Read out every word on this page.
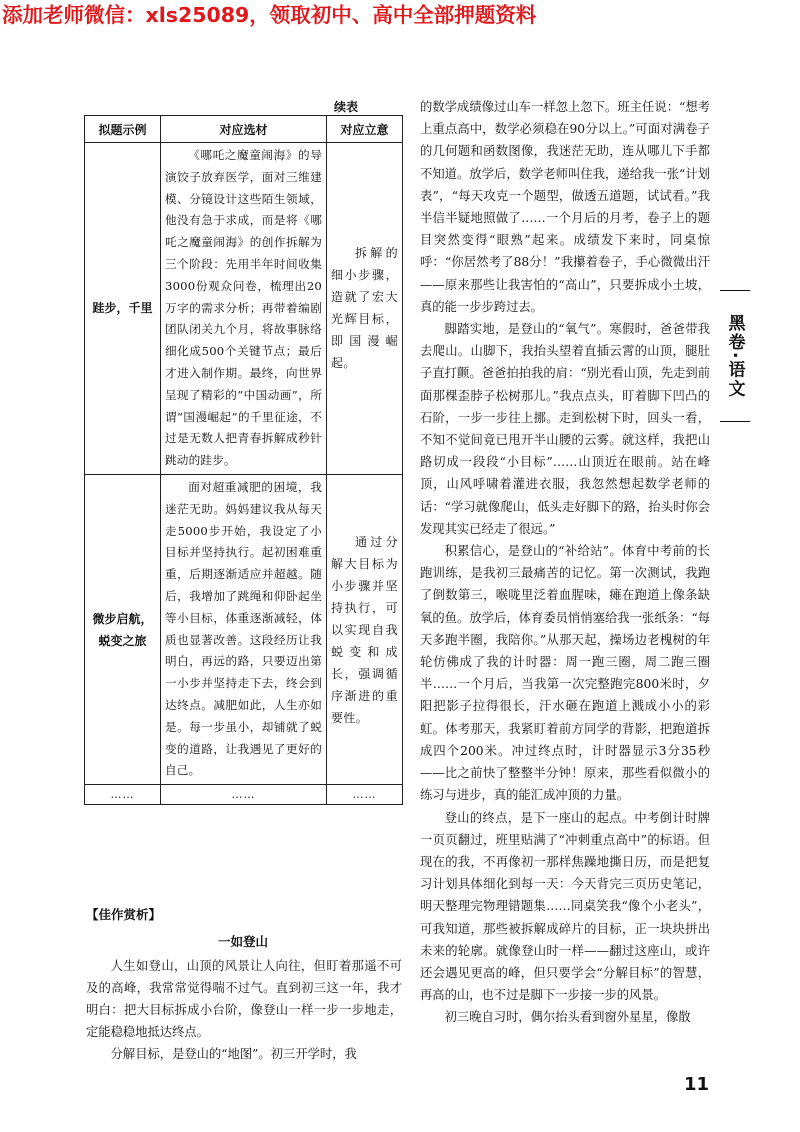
添加老师微信：xls25089，领取初中、高中全部押题资料
续表
拟题示例	对应选材	对应立意
跬步，千里	《哪吒之魔童闹海》的导演饺子放弃医学，面对三维建模、分镜设计这些陌生领域，他没有急于求成，而是将《哪吒之魔童闹海》的创作拆解为三个阶段：先用半年时间收集3000份观众问卷，梳理出20万字的需求分析；再带着编剧团队闭关九个月，将故事脉络细化成500个关键节点；最后才进入制作期。最终，向世界呈现了精彩的“中国动画”，所谓“国漫崛起”的千里征途，不过是无数人把青春拆解成秒针跳动的跬步。	拆解的细小步骤，造就了宏大光辉目标，即国漫崛起。
微步启航，蜕变之旅	面对超重减肥的困境，我迷茫无助。妈妈建议我从每天走5000步开始，我设定了小目标并坚持执行。起初困难重重，后期逐渐适应并超越。随后，我增加了跳绳和仰卧起坐等小目标，体重逐渐减轻，体质也显著改善。这段经历让我明白，再远的路，只要迈出第一小步并坚持走下去，终会到达终点。减肥如此，人生亦如是。每一步虽小，却铺就了蜕变的道路，让我遇见了更好的自己。	通过分解大目标为小步骤并坚持执行，可以实现自我蜕变和成长，强调循序渐进的重要性。
……	……	……
【佳作赏析】
一如登山

人生如登山，山顶的风景让人向往，但盯着那遥不可及的高峰，我常常觉得喘不过气。直到初三这一年，我才明白：把大目标拆成小台阶，像登山一样一步一步地走，定能稳稳地抵达终点。

分解目标，是登山的“地图”。初三开学时，我

的数学成绩像过山车一样忽上忽下。班主任说：“想考上重点高中，数学必须稳在90分以上。”可面对满卷子的几何题和函数图像，我迷茫无助，连从哪儿下手都不知道。放学后，数学老师叫住我，递给我一张“计划表”，“每天攻克一个题型，做透五道题，试试看。”我半信半疑地照做了……一个月后的月考，卷子上的题目突然变得“眼熟”起来。成绩发下来时，同桌惊呼：“你居然考了88分！”我攥着卷子，手心微微出汗——原来那些让我害怕的“高山”，只要拆成小土坡，真的能一步步跨过去。

脚踏实地，是登山的“氧气”。寒假时，爸爸带我去爬山。山脚下，我抬头望着直插云霄的山顶，腿肚子直打颤。爸爸拍拍我的肩：“别光看山顶，先走到前面那棵歪脖子松树那儿。”我点点头，盯着脚下凹凸的石阶，一步一步往上挪。走到松树下时，回头一看，不知不觉间竟已甩开半山腰的云雾。就这样，我把山路切成一段段“小目标”……山顶近在眼前。站在峰顶，山风呼啸着灌进衣服，我忽然想起数学老师的话：“学习就像爬山，低头走好脚下的路，抬头时你会发现其实已经走了很远。”

积累信心，是登山的“补给站”。体育中考前的长跑训练，是我初三最痛苦的记忆。第一次测试，我跑了倒数第三，喉咙里泛着血腥味，瘫在跑道上像条缺氧的鱼。放学后，体育委员悄悄塞给我一张纸条：“每天多跑半圈，我陪你。”从那天起，操场边老槐树的年轮仿佛成了我的计时器：周一跑三圈，周二跑三圈半……一个月后，当我第一次完整跑完800米时，夕阳把影子拉得很长，汗水砸在跑道上溅成小小的彩虹。体考那天，我紧盯着前方同学的背影，把跑道拆成四个200米。冲过终点时，计时器显示3分35秒——比之前快了整整半分钟！原来，那些看似微小的练习与进步，真的能汇成冲顶的力量。

登山的终点，是下一座山的起点。中考倒计时牌一页页翻过，班里贴满了“冲刺重点高中”的标语。但现在的我，不再像初一那样焦躁地撕日历，而是把复习计划具体细化到每一天：今天背完三页历史笔记，明天整理完物理错题集……同桌笑我“像个小老头”，可我知道，那些被拆解成碎片的目标，正一块块拼出未来的轮廓。就像登山时一样——翻过这座山，或许还会遇见更高的峰，但只要学会“分解目标”的智慧，再高的山，也不过是脚下一步接一步的风景。

初三晚自习时，偶尔抬头看到窗外星星，像散

黑卷·语文
11
